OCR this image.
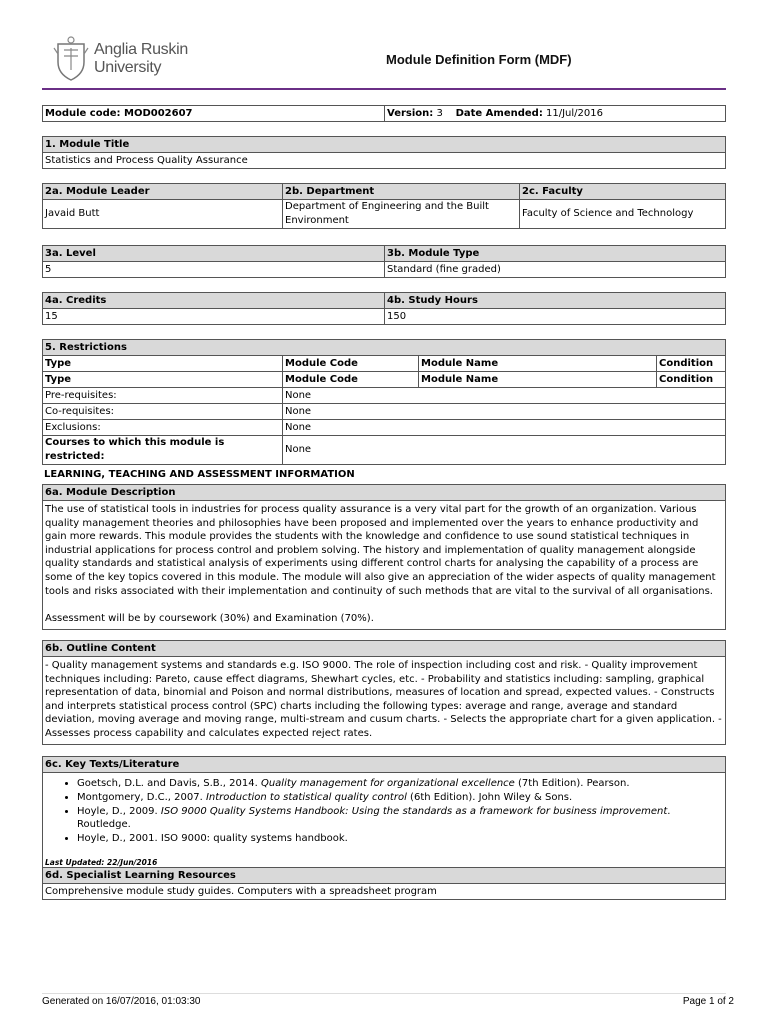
Anglia Ruskin
University	Module Definition Form (MDF)
Module code: MOD002607	Version: 3 Date Amended: 11/Jul/2016
1. Module Title
Statistics and Process Quality Assurance
2a. Module Leader	2b. Department	2c. Faculty
Javaid Butt	Department of Engineering and the Built Environment	Faculty of Science and Technology
3a. Level	3b. Module Type
5	Standard (fine graded)
4a. Credits	4b. Study Hours
15	150
5. Restrictions			
Type	Module Code	Module Name	Condition
Type	Module Code	Module Name	Condition
Pre-requisites:	None		
Co-requisites:	None		
Exclusions:	None		
Courses to which this module is restricted:	None		
LEARNING, TEACHING AND ASSESSMENT INFORMATION
6a. Module Description

The use of statistical tools in industries for process quality assurance is a very vital part for the growth of an organization. Various quality management theories and philosophies have been proposed and implemented over the years to enhance productivity and gain more rewards. This module provides the students with the knowledge and confidence to use sound statistical techniques in industrial applications for process control and problem solving. The history and implementation of quality management alongside quality standards and statistical analysis of experiments using different control charts for analysing the capability of a process are some of the key topics covered in this module. The module will also give an appreciation of the wider aspects of quality management tools and risks associated with their implementation and continuity of such methods that are vital to the survival of all organisations.

Assessment will be by coursework (30%) and Examination (70%).

6b. Outline Content
- Quality management systems and standards e.g. ISO 9000. The role of inspection including cost and risk. - Quality improvement techniques including: Pareto, cause effect diagrams, Shewhart cycles, etc. - Probability and statistics including: sampling, graphical representation of data, binomial and Poison and normal distributions, measures of location and spread, expected values. - Constructs and interprets statistical process control (SPC) charts including the following types: average and range, average and standard deviation, moving average and moving range, multi-stream and cusum charts. - Selects the appropriate chart for a given application. - Assesses process capability and calculates expected reject rates.
6c. Key Texts/Literature

• Goetsch, D.L. and Davis, S.B., 2014. Quality management for organizational excellence (7th Edition). Pearson.
• Montgomery, D.C., 2007. Introduction to statistical quality control (6th Edition). John Wiley & Sons.
• Hoyle, D., 2009. ISO 9000 Quality Systems Handbook: Using the standards as a framework for business improvement. Routledge.
• Hoyle, D., 2001. ISO 9000: quality systems handbook.
Last Updated: 22/Jun/2016
6d. Specialist Learning Resources
Comprehensive module study guides. Computers with a spreadsheet program
Generated on 16/07/2016, 01:03:30	Page 1 of 2
